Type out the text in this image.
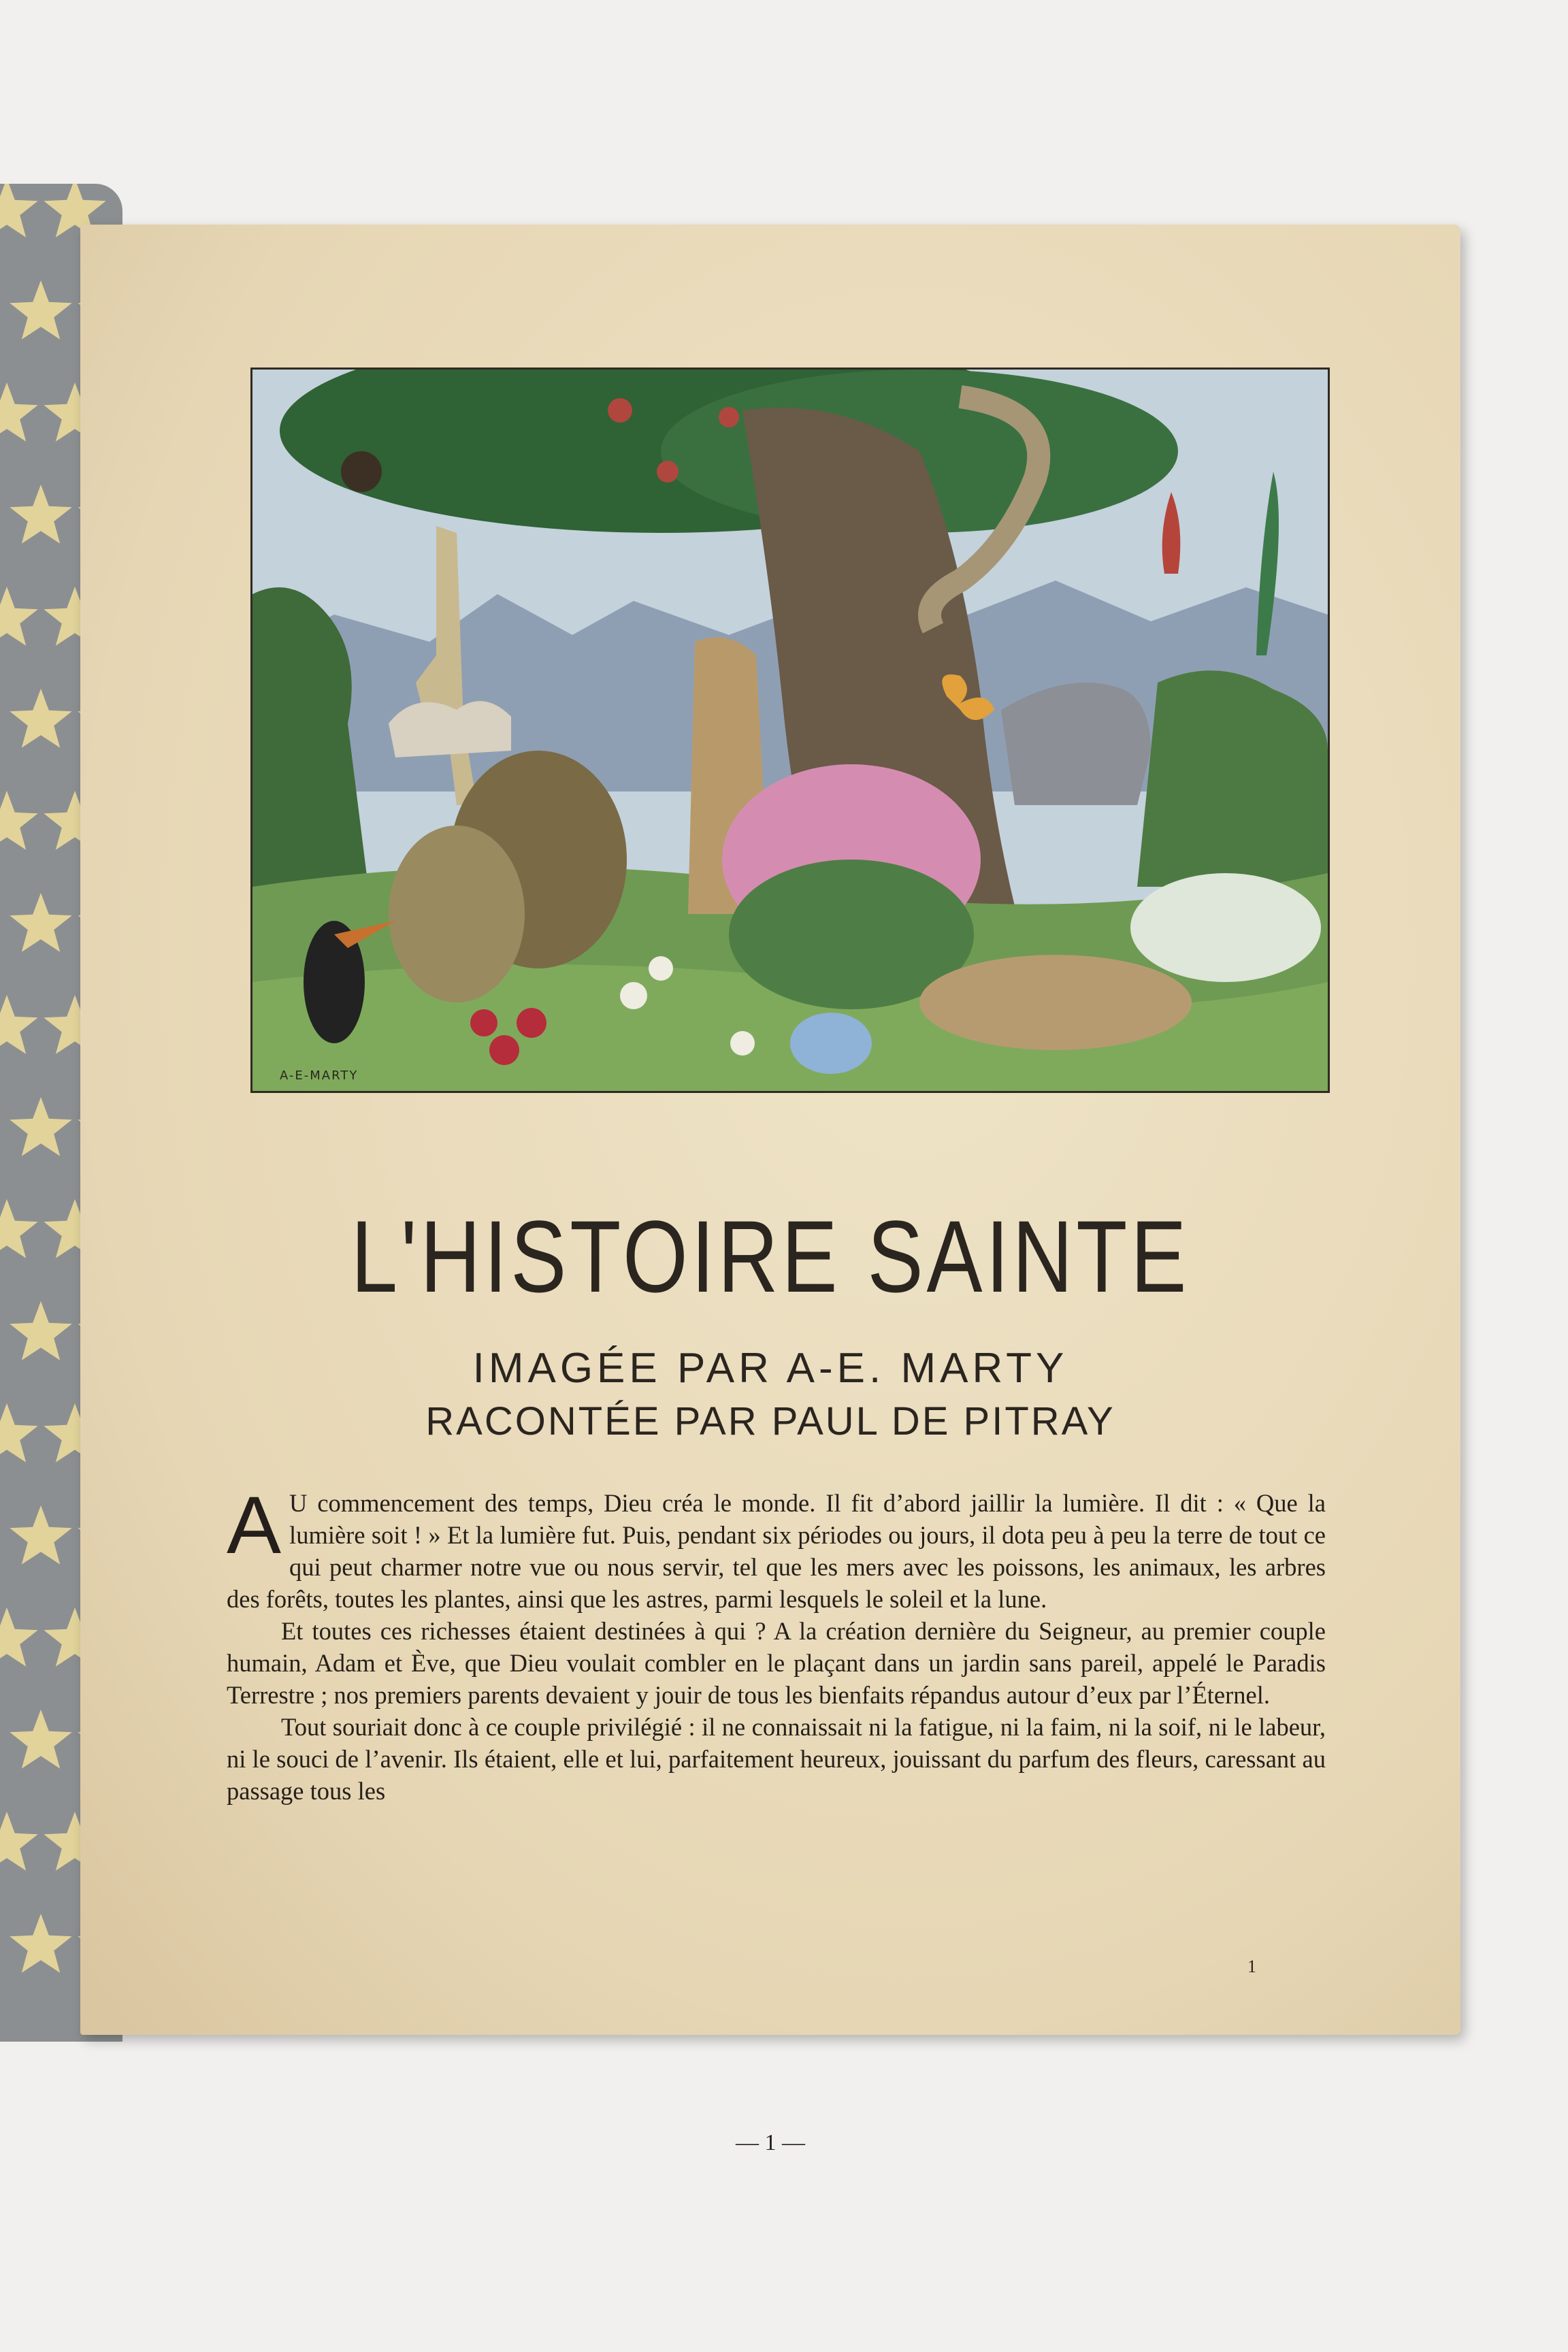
A-E-MARTY
L'HISTOIRE SAINTE
IMAGÉE PAR A-E. MARTY
RACONTÉE PAR PAUL DE PITRAY

A U commencement des temps, Dieu créa le monde. Il fit d’abord jaillir la lumière. Il dit : « Que la lumière soit ! » Et la lumière fut. Puis, pendant six périodes ou jours, il dota peu à peu la terre de tout ce qui peut charmer notre vue ou nous servir, tel que les mers avec les poissons, les animaux, les arbres des forêts, toutes les plantes, ainsi que les astres, parmi lesquels le soleil et la lune.

Et toutes ces richesses étaient destinées à qui ? A la création dernière du Seigneur, au premier couple humain, Adam et Ève, que Dieu voulait combler en le plaçant dans un jardin sans pareil, appelé le Paradis Terrestre ; nos premiers parents devaient y jouir de tous les bienfaits répandus autour d’eux par l’Éternel.

Tout souriait donc à ce couple privilégié : il ne connaissait ni la fatigue, ni la faim, ni la soif, ni le labeur, ni le souci de l’avenir. Ils étaient, elle et lui, parfaitement heureux, jouissant du parfum des fleurs, caressant au passage tous les

— 1 —
1
